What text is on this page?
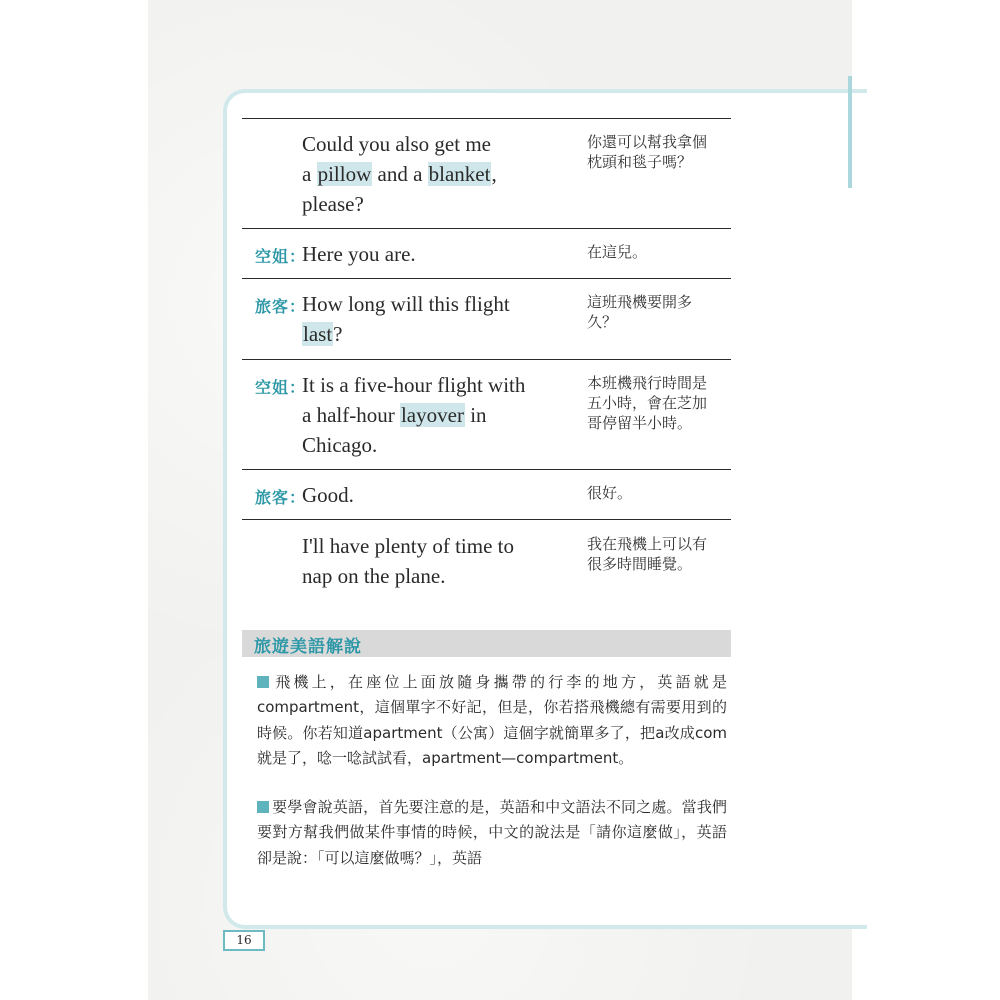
Could you also get me
a pillow and a blanket,
please?
你還可以幫我拿個
枕頭和毯子嗎？
空姐：
Here you are.	在這兒。
旅客：
How long will this flight
last?
這班飛機要開多
久？
空姐：
It is a five-hour flight with
a half-hour layover in
Chicago.
本班機飛行時間是
五小時，會在芝加
哥停留半小時。
旅客：
Good.	很好。
I'll have plenty of time to
nap on the plane.
我在飛機上可以有
很多時間睡覺。
旅遊美語解說
飛機上，在座位上面放隨身攜帶的行李的地方，英語就是compartment，這個單字不好記，但是，你若搭飛機總有需要用到的時候。你若知道apartment（公寓）這個字就簡單多了，把a改成com就是了，唸一唸試試看，apartment—compartment。
要學會說英語，首先要注意的是，英語和中文語法不同之處。當我們要對方幫我們做某件事情的時候，中文的說法是「請你這麼做」，英語卻是說：「可以這麼做嗎？」，英語
16
